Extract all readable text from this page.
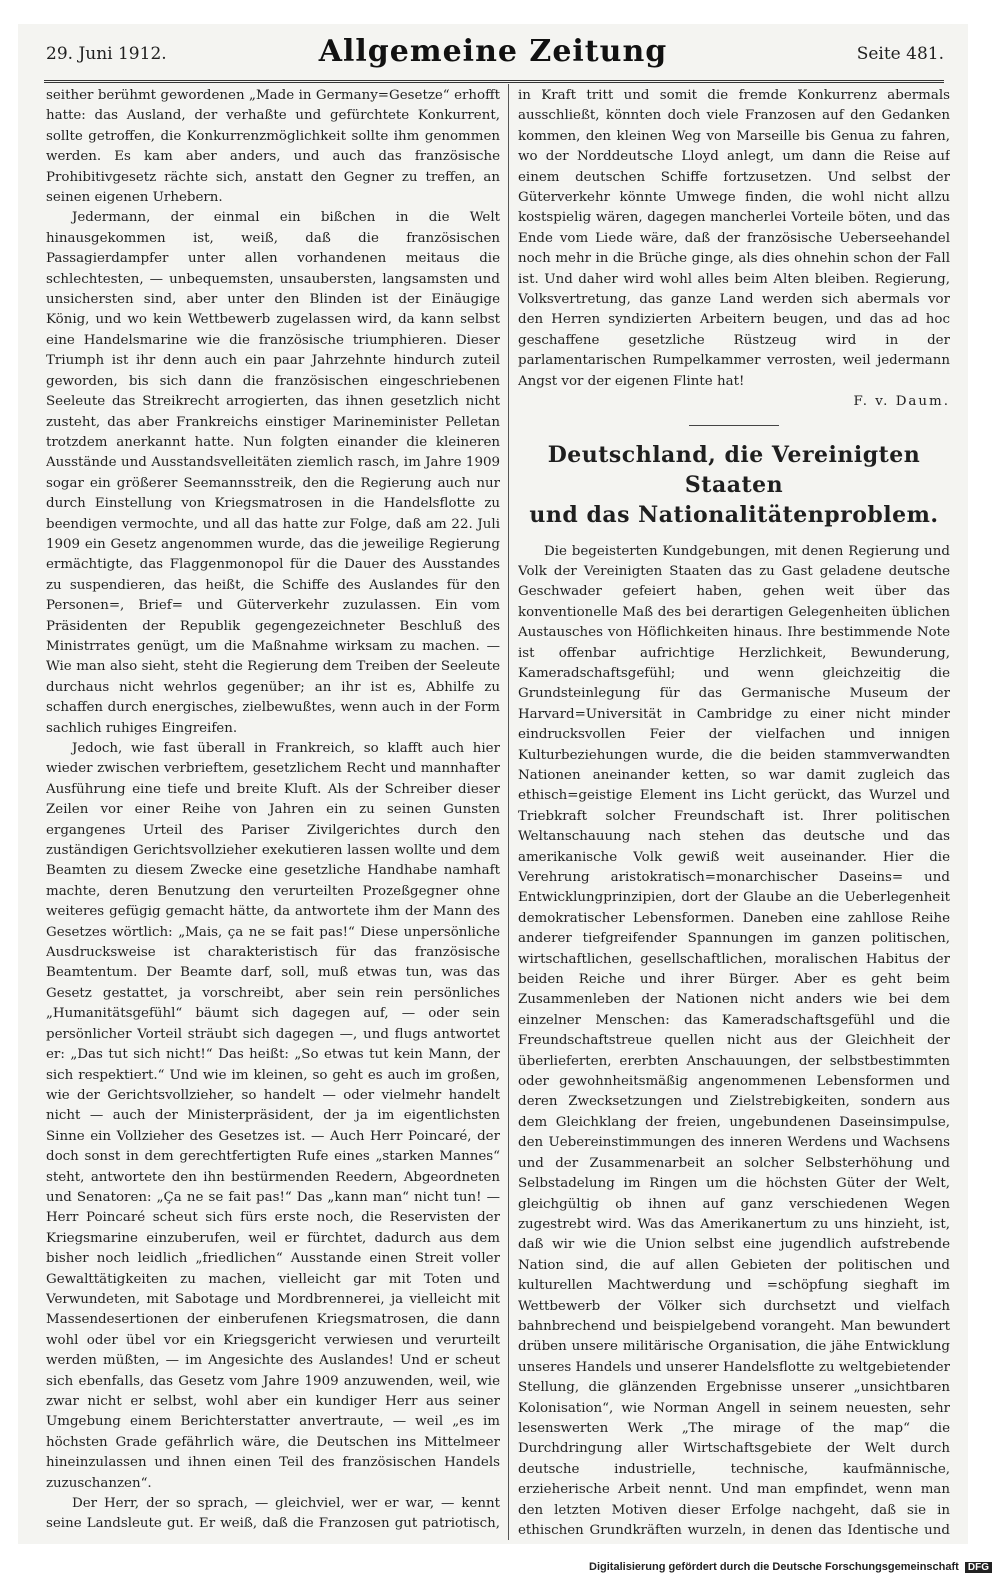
29. Juni 1912.	Allgemeine Zeitung	Seite 481.

seither berühmt gewordenen „Made in Germany=Gesetze“ erhofft hatte: das Ausland, der verhaßte und gefürchtete Konkurrent, sollte getroffen, die Konkurrenzmöglichkeit sollte ihm genommen werden. Es kam aber anders, und auch das französische Prohibitivgesetz rächte sich, anstatt den Gegner zu treffen, an seinen eigenen Urhebern.

Jedermann, der einmal ein bißchen in die Welt hinausgekommen ist, weiß, daß die französischen Passagierdampfer unter allen vorhandenen meitaus die schlechtesten, — unbequemsten, unsaubersten, langsamsten und unsichersten sind, aber unter den Blinden ist der Einäugige König, und wo kein Wettbewerb zugelassen wird, da kann selbst eine Handelsmarine wie die französische triumphieren. Dieser Triumph ist ihr denn auch ein paar Jahrzehnte hindurch zuteil geworden, bis sich dann die französischen eingeschriebenen Seeleute das Streikrecht arrogierten, das ihnen gesetzlich nicht zusteht, das aber Frankreichs einstiger Marineminister Pelletan trotzdem anerkannt hatte. Nun folgten einander die kleineren Ausstände und Ausstandsvelleitäten ziemlich rasch, im Jahre 1909 sogar ein größerer Seemannsstreik, den die Regierung auch nur durch Einstellung von Kriegsmatrosen in die Handelsflotte zu beendigen vermochte, und all das hatte zur Folge, daß am 22. Juli 1909 ein Gesetz angenommen wurde, das die jeweilige Regierung ermächtigte, das Flaggenmonopol für die Dauer des Ausstandes zu suspendieren, das heißt, die Schiffe des Auslandes für den Personen=, Brief= und Güterverkehr zuzulassen. Ein vom Präsidenten der Republik gegengezeichneter Beschluß des Ministrrates genügt, um die Maßnahme wirksam zu machen. — Wie man also sieht, steht die Regierung dem Treiben der Seeleute durchaus nicht wehrlos gegenüber; an ihr ist es, Abhilfe zu schaffen durch energisches, zielbewußtes, wenn auch in der Form sachlich ruhiges Eingreifen.

Jedoch, wie fast überall in Frankreich, so klafft auch hier wieder zwischen verbrieftem, gesetzlichem Recht und mannhafter Ausführung eine tiefe und breite Kluft. Als der Schreiber dieser Zeilen vor einer Reihe von Jahren ein zu seinen Gunsten ergangenes Urteil des Pariser Zivilgerichtes durch den zuständigen Gerichtsvollzieher exekutieren lassen wollte und dem Beamten zu diesem Zwecke eine gesetzliche Handhabe namhaft machte, deren Benutzung den verurteilten Prozeßgegner ohne weiteres gefügig gemacht hätte, da antwortete ihm der Mann des Gesetzes wörtlich: „Mais, ça ne se fait pas!“ Diese unpersönliche Ausdrucksweise ist charakteristisch für das französische Beamtentum. Der Beamte darf, soll, muß etwas tun, was das Gesetz gestattet, ja vorschreibt, aber sein rein persönliches „Humanitätsgefühl“ bäumt sich dagegen auf, — oder sein persönlicher Vorteil sträubt sich dagegen —, und flugs antwortet er: „Das tut sich nicht!“ Das heißt: „So etwas tut kein Mann, der sich respektiert.“ Und wie im kleinen, so geht es auch im großen, wie der Gerichtsvollzieher, so handelt — oder vielmehr handelt nicht — auch der Ministerpräsident, der ja im eigentlichsten Sinne ein Vollzieher des Gesetzes ist. — Auch Herr Poincaré, der doch sonst in dem gerechtfertigten Rufe eines „starken Mannes“ steht, antwortete den ihn bestürmenden Reedern, Abgeordneten und Senatoren: „Ça ne se fait pas!“ Das „kann man“ nicht tun! — Herr Poincaré scheut sich fürs erste noch, die Reservisten der Kriegsmarine einzuberufen, weil er fürchtet, dadurch aus dem bisher noch leidlich „friedlichen“ Ausstande einen Streit voller Gewalttätigkeiten zu machen, vielleicht gar mit Toten und Verwundeten, mit Sabotage und Mordbrennerei, ja vielleicht mit Massendesertionen der einberufenen Kriegsmatrosen, die dann wohl oder übel vor ein Kriegsgericht verwiesen und verurteilt werden müßten, — im Angesichte des Auslandes! Und er scheut sich ebenfalls, das Gesetz vom Jahre 1909 anzuwenden, weil, wie zwar nicht er selbst, wohl aber ein kundiger Herr aus seiner Umgebung einem Berichterstatter anvertraute, — weil „es im höchsten Grade gefährlich wäre, die Deutschen ins Mittelmeer hineinzulassen und ihnen einen Teil des französischen Handels zuzuschanzen“.

Der Herr, der so sprach, — gleichviel, wer er war, — kennt seine Landsleute gut. Er weiß, daß die Franzosen gut patriotisch,

in Kraft tritt und somit die fremde Konkurrenz abermals ausschließt, könnten doch viele Franzosen auf den Gedanken kommen, den kleinen Weg von Marseille bis Genua zu fahren, wo der Norddeutsche Lloyd anlegt, um dann die Reise auf einem deutschen Schiffe fortzusetzen. Und selbst der Güterverkehr könnte Umwege finden, die wohl nicht allzu kostspielig wären, dagegen mancherlei Vorteile böten, und das Ende vom Liede wäre, daß der französische Ueberseehandel noch mehr in die Brüche ginge, als dies ohnehin schon der Fall ist. Und daher wird wohl alles beim Alten bleiben. Regierung, Volksvertretung, das ganze Land werden sich abermals vor den Herren syndizierten Arbeitern beugen, und das ad hoc geschaffene gesetzliche Rüstzeug wird in der parlamentarischen Rumpelkammer verrosten, weil jedermann Angst vor der eigenen Flinte hat!

F. v. Daum.

Deutschland, die Vereinigten Staaten
und das Nationalitätenproblem.

Die begeisterten Kundgebungen, mit denen Regierung und Volk der Vereinigten Staaten das zu Gast geladene deutsche Geschwader gefeiert haben, gehen weit über das konventionelle Maß des bei derartigen Gelegenheiten üblichen Austausches von Höflichkeiten hinaus. Ihre bestimmende Note ist offenbar aufrichtige Herzlichkeit, Bewunderung, Kameradschaftsgefühl; und wenn gleichzeitig die Grundsteinlegung für das Germanische Museum der Harvard=Universität in Cambridge zu einer nicht minder eindrucksvollen Feier der vielfachen und innigen Kulturbeziehungen wurde, die die beiden stammverwandten Nationen aneinander ketten, so war damit zugleich das ethisch=geistige Element ins Licht gerückt, das Wurzel und Triebkraft solcher Freundschaft ist. Ihrer politischen Weltanschauung nach stehen das deutsche und das amerikanische Volk gewiß weit auseinander. Hier die Verehrung aristokratisch=monarchischer Daseins= und Entwicklungprinzipien, dort der Glaube an die Ueberlegenheit demokratischer Lebensformen. Daneben eine zahllose Reihe anderer tiefgreifender Spannungen im ganzen politischen, wirtschaftlichen, gesellschaftlichen, moralischen Habitus der beiden Reiche und ihrer Bürger. Aber es geht beim Zusammenleben der Nationen nicht anders wie bei dem einzelner Menschen: das Kameradschaftsgefühl und die Freundschaftstreue quellen nicht aus der Gleichheit der überlieferten, ererbten Anschauungen, der selbstbestimmten oder gewohnheitsmäßig angenommenen Lebensformen und deren Zwecksetzungen und Zielstrebigkeiten, sondern aus dem Gleichklang der freien, ungebundenen Daseinsimpulse, den Uebereinstimmungen des inneren Werdens und Wachsens und der Zusammenarbeit an solcher Selbsterhöhung und Selbstadelung im Ringen um die höchsten Güter der Welt, gleichgültig ob ihnen auf ganz verschiedenen Wegen zugestrebt wird. Was das Amerikanertum zu uns hinzieht, ist, daß wir wie die Union selbst eine jugendlich aufstrebende Nation sind, die auf allen Gebieten der politischen und kulturellen Machtwerdung und =schöpfung sieghaft im Wettbewerb der Völker sich durchsetzt und vielfach bahnbrechend und beispielgebend vorangeht. Man bewundert drüben unsere militärische Organisation, die jähe Entwicklung unseres Handels und unserer Handelsflotte zu weltgebietender Stellung, die glänzenden Ergebnisse unserer „unsichtbaren Kolonisation“, wie Norman Angell in seinem neuesten, sehr lesenswerten Werk „The mirage of the map“ die Durchdringung aller Wirtschaftsgebiete der Welt durch deutsche industrielle, technische, kaufmännische, erzieherische Arbeit nennt. Und man empfindet, wenn man den letzten Motiven dieser Erfolge nachgeht, daß sie in ethischen Grundkräften wurzeln, in denen das Identische und

Digitalisierung gefördert durch die Deutsche Forschungsgemeinschaft DFG
